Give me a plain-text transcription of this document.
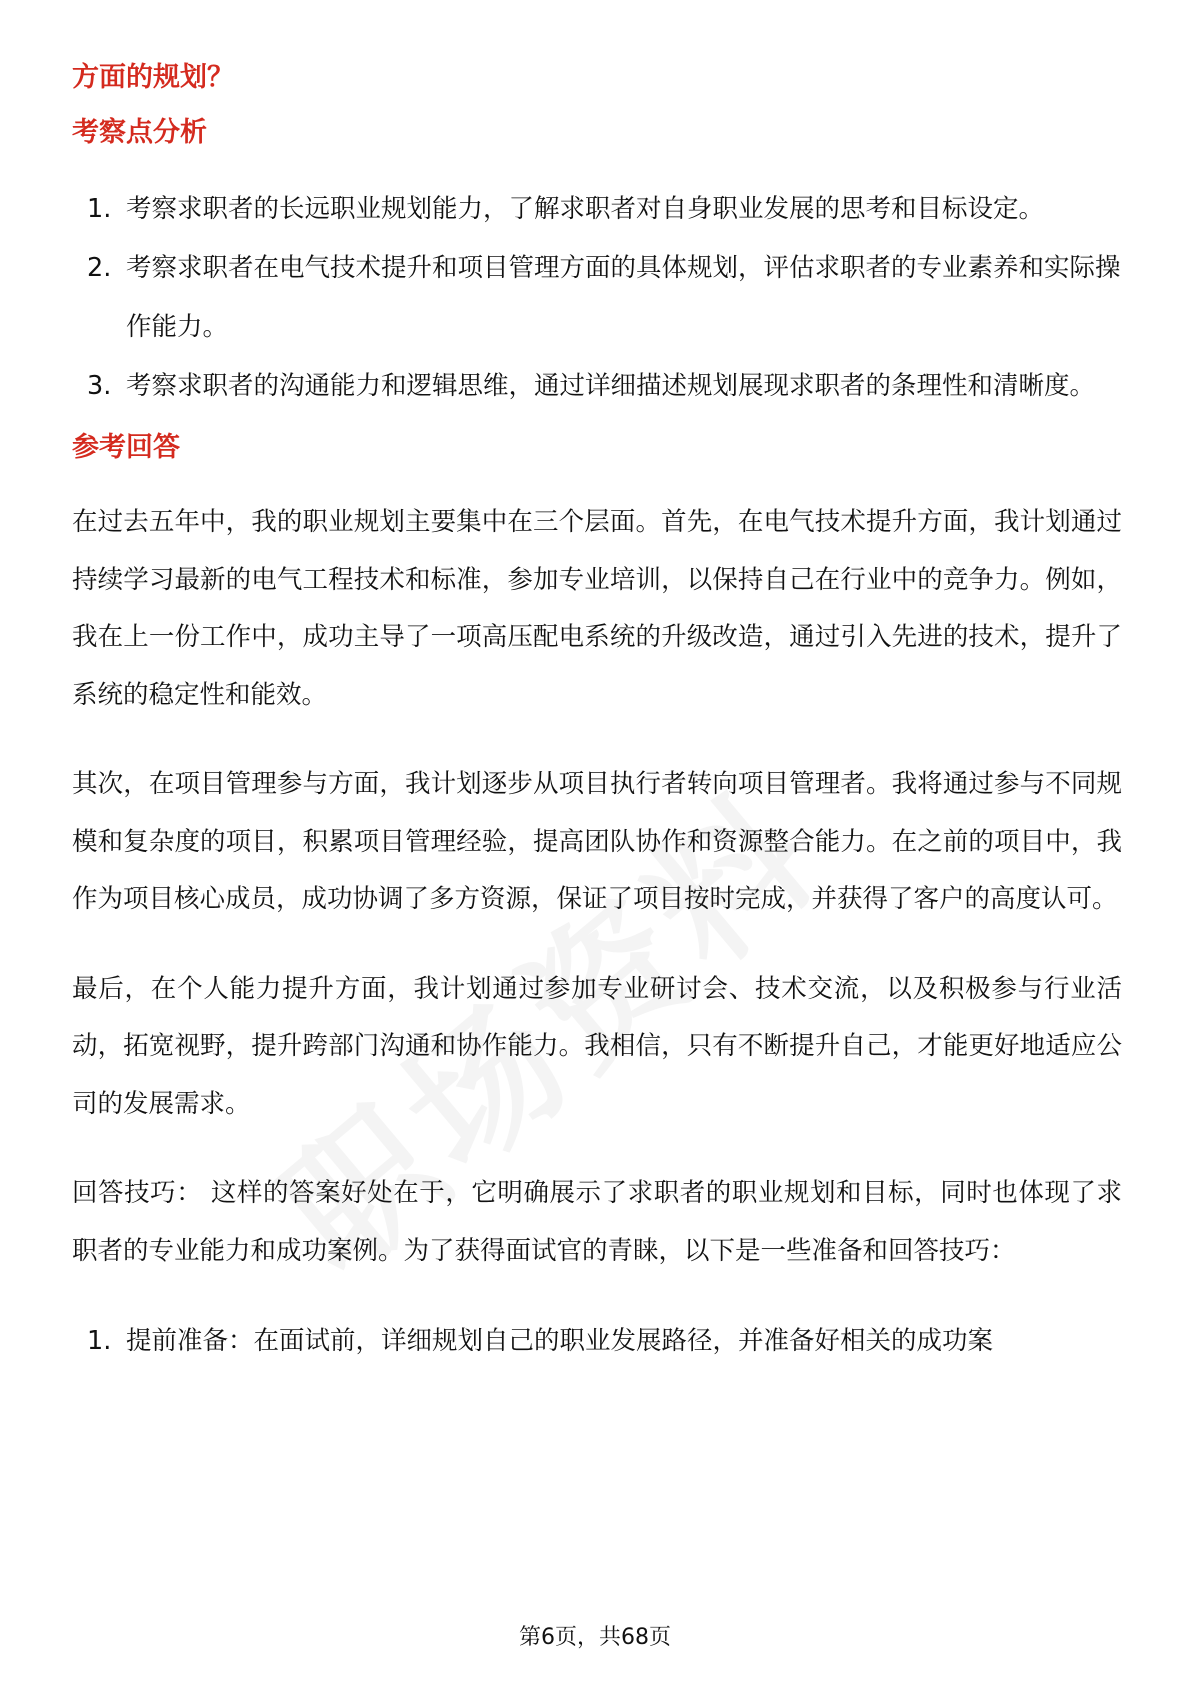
方面的规划？
考察点分析
1. 考察求职者的长远职业规划能力，了解求职者对自身职业发展的思考和目标设定。
2. 考察求职者在电气技术提升和项目管理方面的具体规划，评估求职者的专业素养和实际操作能力。
3. 考察求职者的沟通能力和逻辑思维，通过详细描述规划展现求职者的条理性和清晰度。
参考回答

在过去五年中，我的职业规划主要集中在三个层面。首先，在电气技术提升方面，我计划通过持续学习最新的电气工程技术和标准，参加专业培训，以保持自己在行业中的竞争力。例如，我在上一份工作中，成功主导了一项高压配电系统的升级改造，通过引入先进的技术，提升了系统的稳定性和能效。

其次，在项目管理参与方面，我计划逐步从项目执行者转向项目管理者。我将通过参与不同规模和复杂度的项目，积累项目管理经验，提高团队协作和资源整合能力。在之前的项目中，我作为项目核心成员，成功协调了多方资源，保证了项目按时完成，并获得了客户的高度认可。

最后，在个人能力提升方面，我计划通过参加专业研讨会、技术交流，以及积极参与行业活动，拓宽视野，提升跨部门沟通和协作能力。我相信，只有不断提升自己，才能更好地适应公司的发展需求。

回答技巧： 这样的答案好处在于，它明确展示了求职者的职业规划和目标，同时也体现了求职者的专业能力和成功案例。为了获得面试官的青睐，以下是一些准备和回答技巧：

1. 提前准备：在面试前，详细规划自己的职业发展路径，并准备好相关的成功案
第6页，共68页
